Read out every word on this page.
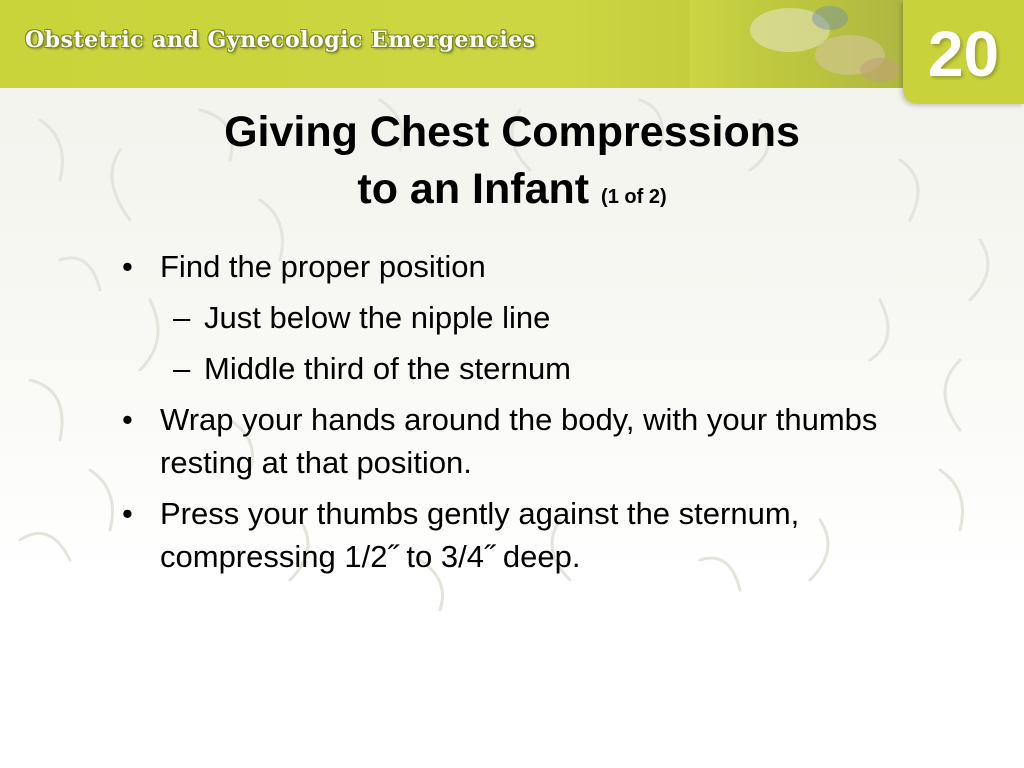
Obstetric and Gynecologic Emergencies	20
Giving Chest Compressions
to an Infant (1 of 2)
• Find the proper position
– Just below the nipple line
– Middle third of the sternum
• Wrap your hands around the body, with your thumbs resting at that position.
• Press your thumbs gently against the sternum, compressing 1/2˝ to 3/4˝ deep.
